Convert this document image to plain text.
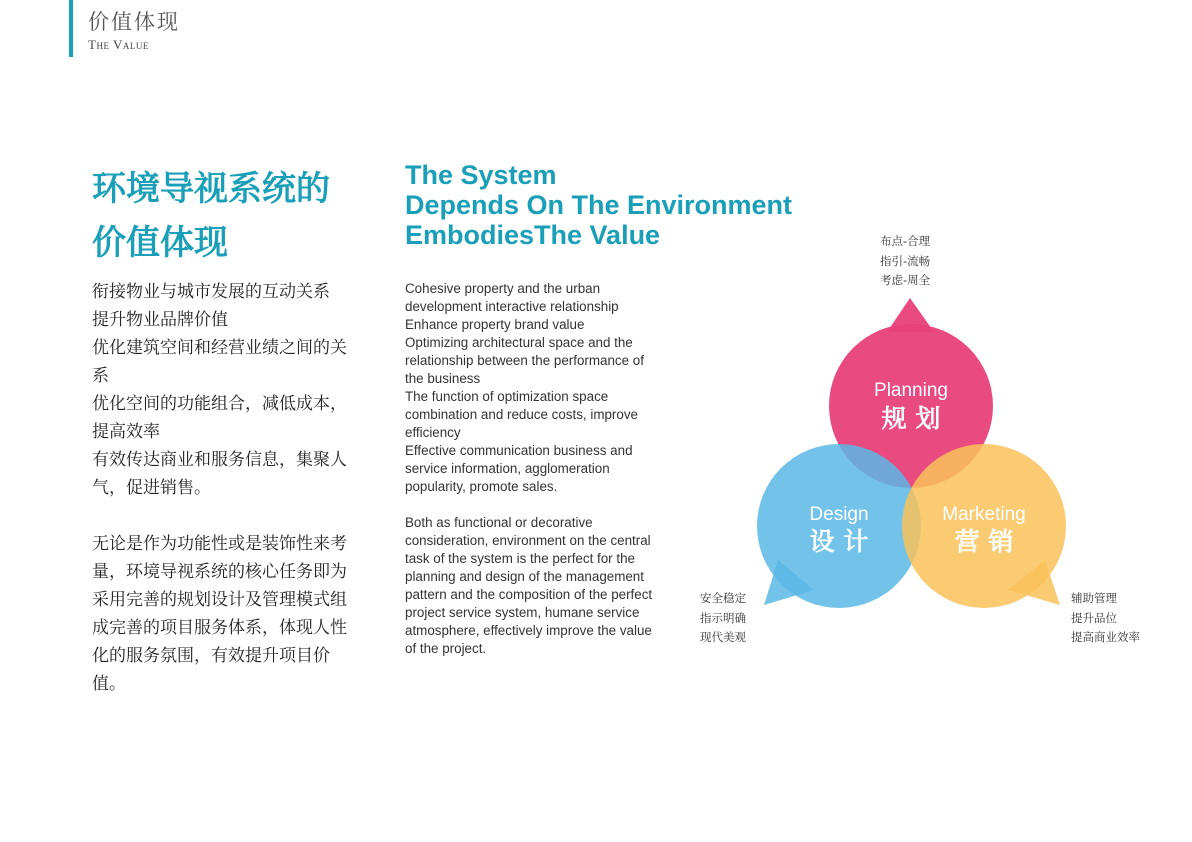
价值体现
The Value
环境导视系统的
价值体现

衔接物业与城市发展的互动关系
提升物业品牌价值
优化建筑空间和经营业绩之间的关系
优化空间的功能组合，减低成本，提高效率
有效传达商业和服务信息，集聚人气，促进销售。

无论是作为功能性或是装饰性来考量，环境导视系统的核心任务即为采用完善的规划设计及管理模式组成完善的项目服务体系，体现人性化的服务氛围，有效提升项目价值。

The System
Depends On The Environment
EmbodiesThe Value

Cohesive property and the urban development interactive relationship
Enhance property brand value
Optimizing architectural space and the relationship between the performance of the business
The function of optimization space combination and reduce costs, improve efficiency
Effective communication business and service information, agglomeration popularity, promote sales.

Both as functional or decorative consideration, environment on the central task of the system is the perfect for the planning and design of the management pattern and the composition of the perfect project service system, humane service atmosphere, effectively improve the value of the project.

Planning
规 划
Design
设 计
Marketing
营 销
布点-合理
指引-流畅
考虑-周全
安全稳定
指示明确
现代美观
辅助管理
提升品位
提高商业效率
